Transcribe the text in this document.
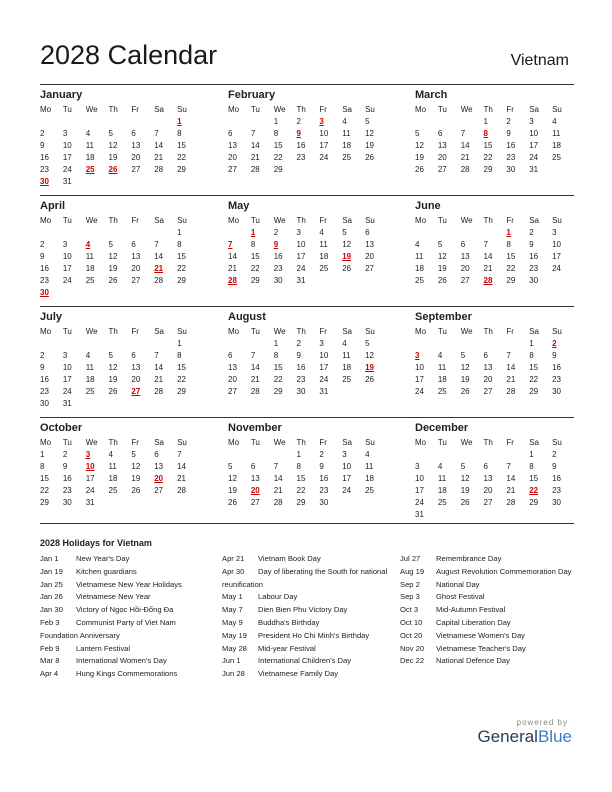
2028 Calendar	Vietnam
January
Mo	Tu	We	Th	Fr	Sa	Su
						1
2	3	4	5	6	7	8
9	10	11	12	13	14	15
16	17	18	19	20	21	22
23	24	25	26	27	28	29
30	31					
February
Mo	Tu	We	Th	Fr	Sa	Su
		1	2	3	4	5
6	7	8	9	10	11	12
13	14	15	16	17	18	19
20	21	22	23	24	25	26
27	28	29				
March
Mo	Tu	We	Th	Fr	Sa	Su
			1	2	3	4
5	6	7	8	9	10	11
12	13	14	15	16	17	18
19	20	21	22	23	24	25
26	27	28	29	30	31	
April
Mo	Tu	We	Th	Fr	Sa	Su
						1
2	3	4	5	6	7	8
9	10	11	12	13	14	15
16	17	18	19	20	21	22
23	24	25	26	27	28	29
30						
May
Mo	Tu	We	Th	Fr	Sa	Su
	1	2	3	4	5	6
7	8	9	10	11	12	13
14	15	16	17	18	19	20
21	22	23	24	25	26	27
28	29	30	31			
June
Mo	Tu	We	Th	Fr	Sa	Su
				1	2	3
4	5	6	7	8	9	10
11	12	13	14	15	16	17
18	19	20	21	22	23	24
25	26	27	28	29	30	
July
Mo	Tu	We	Th	Fr	Sa	Su
						1
2	3	4	5	6	7	8
9	10	11	12	13	14	15
16	17	18	19	20	21	22
23	24	25	26	27	28	29
30	31					
August
Mo	Tu	We	Th	Fr	Sa	Su
		1	2	3	4	5
6	7	8	9	10	11	12
13	14	15	16	17	18	19
20	21	22	23	24	25	26
27	28	29	30	31		
September
Mo	Tu	We	Th	Fr	Sa	Su
					1	2
3	4	5	6	7	8	9
10	11	12	13	14	15	16
17	18	19	20	21	22	23
24	25	26	27	28	29	30
October
Mo	Tu	We	Th	Fr	Sa	Su
1	2	3	4	5	6	7
8	9	10	11	12	13	14
15	16	17	18	19	20	21
22	23	24	25	26	27	28
29	30	31				
November
Mo	Tu	We	Th	Fr	Sa	Su
			1	2	3	4
5	6	7	8	9	10	11
12	13	14	15	16	17	18
19	20	21	22	23	24	25
26	27	28	29	30		
December
Mo	Tu	We	Th	Fr	Sa	Su
					1	2
3	4	5	6	7	8	9
10	11	12	13	14	15	16
17	18	19	20	21	22	23
24	25	26	27	28	29	30
31						
2028 Holidays for Vietnam
Jan 1 New Year's Day
Jan 19 Kitchen guardians
Jan 25 Vietnamese New Year Holidays
Jan 26 Vietnamese New Year
Jan 30 Victory of Ngọc Hồi-Đống Đa
Feb 3 Communist Party of Viet Nam Foundation Anniversary
Feb 9 Lantern Festival
Mar 8 International Women's Day
Apr 4 Hung Kings Commemorations
Apr 21 Vietnam Book Day
Apr 30 Day of liberating the South for national reunification
May 1 Labour Day
May 7 Dien Bien Phu Victory Day
May 9 Buddha's Birthday
May 19 President Ho Chi Minh's Birthday
May 28 Mid-year Festival
Jun 1 International Children's Day
Jun 28 Vietnamese Family Day
Jul 27 Remembrance Day
Aug 19 August Revolution Commemoration Day
Sep 2 National Day
Sep 3 Ghost Festival
Oct 3 Mid-Autumn Festival
Oct 10 Capital Liberation Day
Oct 20 Vietnamese Women's Day
Nov 20 Vietnamese Teacher's Day
Dec 22 National Defence Day
powered by
GeneralBlue
